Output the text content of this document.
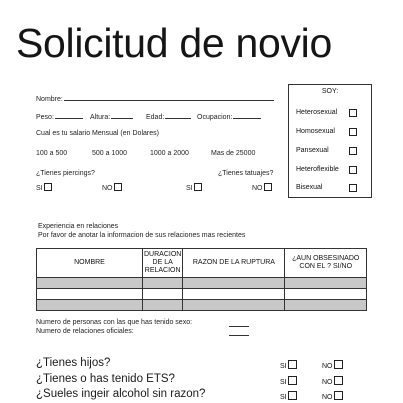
Solicitud de novio
Nombre:
Peso:	Altura:	Edad:	Ocupacion:
Cual es tu salario Mensual (en Dolares)
100 a 500	500 a 1000	1000 a 2000	Mas de 25000
¿Tienes piercings?	¿Tienes tatuajes?
SI	NO	SI	NO
SOY:
Heterosexual
Homosexual
Pansexual
Heteroflexible
Bisexual
Experiencia en relaciones
Por favor de anotar la informacion de sus relaciones mas recientes
NOMBRE	DURACION DE LA RELACION	RAZON DE LA RUPTURA	¿AUN OBSESINADO CON EL ? SI/NO

Numero de personas con las que has tenido sexo:
Numero de relaciones oficiales:
¿Tienes hijos?	SI	NO
¿Tienes o has tenido ETS?	SI	NO
¿Sueles ingeir alcohol sin razon?	SI	NO
